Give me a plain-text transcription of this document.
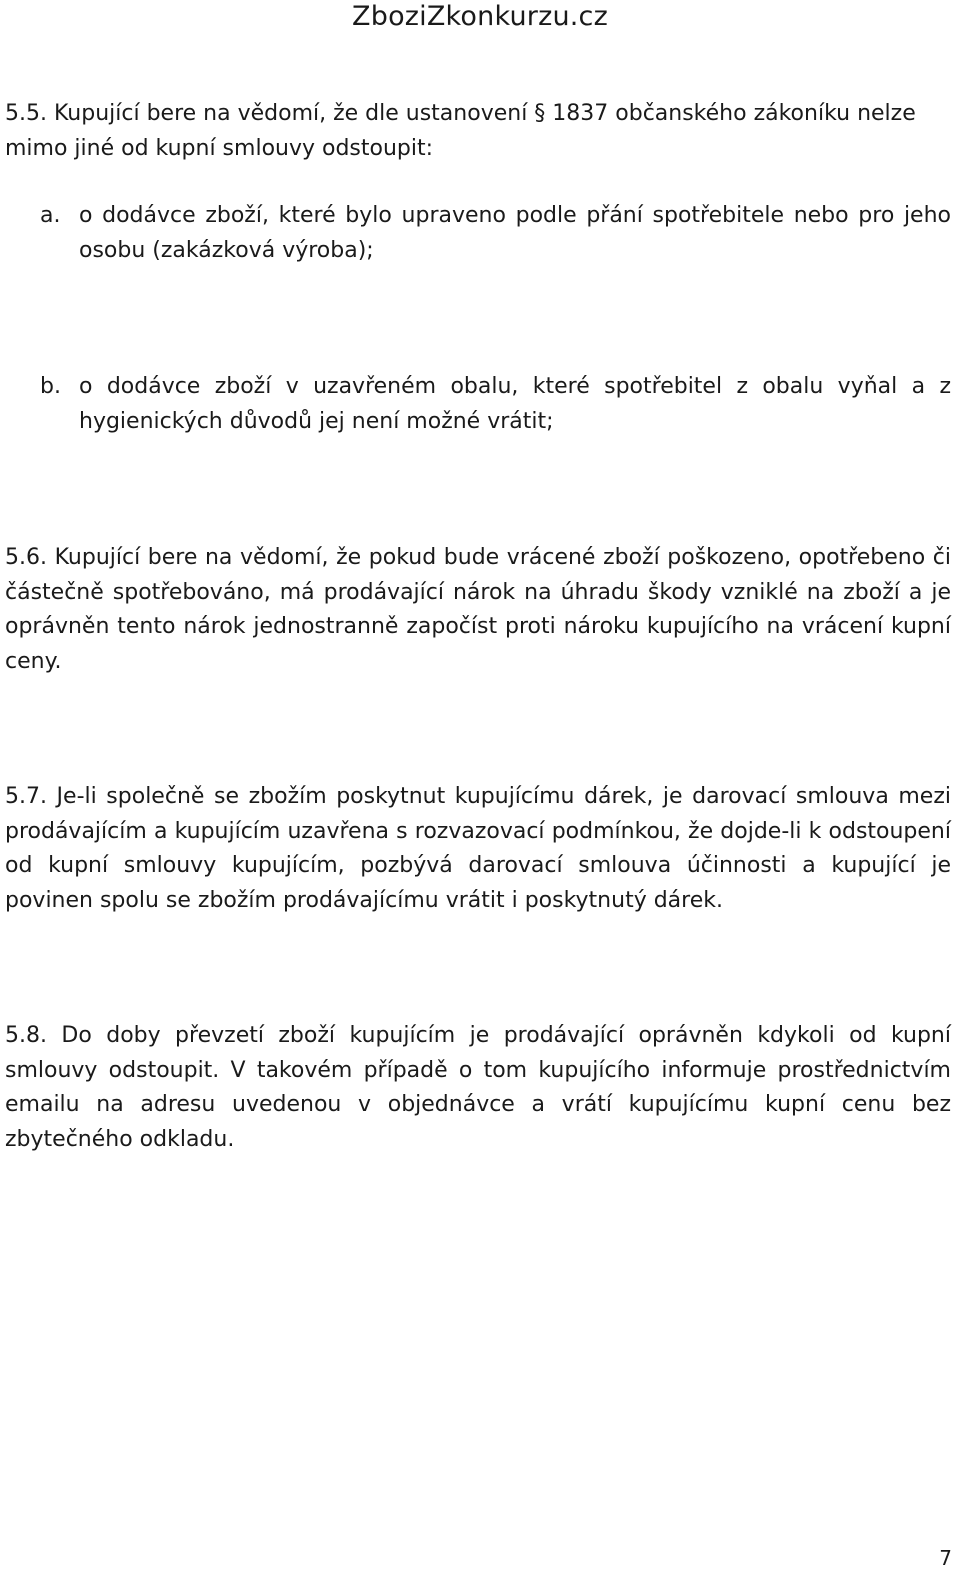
ZboziZkonkurzu.cz

5.5. Kupující bere na vědomí, že dle ustanovení § 1837 občanského zákoníku nelze mimo jiné od kupní smlouvy odstoupit:

a. o dodávce zboží, které bylo upraveno podle přání spotřebitele nebo pro jeho osobu (zakázková výroba);
b. o dodávce zboží v uzavřeném obalu, které spotřebitel z obalu vyňal a z hygienických důvodů jej není možné vrátit;

5.6. Kupující bere na vědomí, že pokud bude vrácené zboží poškozeno, opotřebeno či částečně spotřebováno, má prodávající nárok na úhradu škody vzniklé na zboží a je oprávněn tento nárok jednostranně započíst proti nároku kupujícího na vrácení kupní ceny.

5.7. Je-li společně se zbožím poskytnut kupujícímu dárek, je darovací smlouva mezi prodávajícím a kupujícím uzavřena s rozvazovací podmínkou, že dojde-li k odstoupení od kupní smlouvy kupujícím, pozbývá darovací smlouva účinnosti a kupující je povinen spolu se zbožím prodávajícímu vrátit i poskytnutý dárek.

5.8. Do doby převzetí zboží kupujícím je prodávající oprávněn kdykoli od kupní smlouvy odstoupit. V takovém případě o tom kupujícího informuje prostřednictvím emailu na adresu uvedenou v objednávce a vrátí kupujícímu kupní cenu bez zbytečného odkladu.

7
